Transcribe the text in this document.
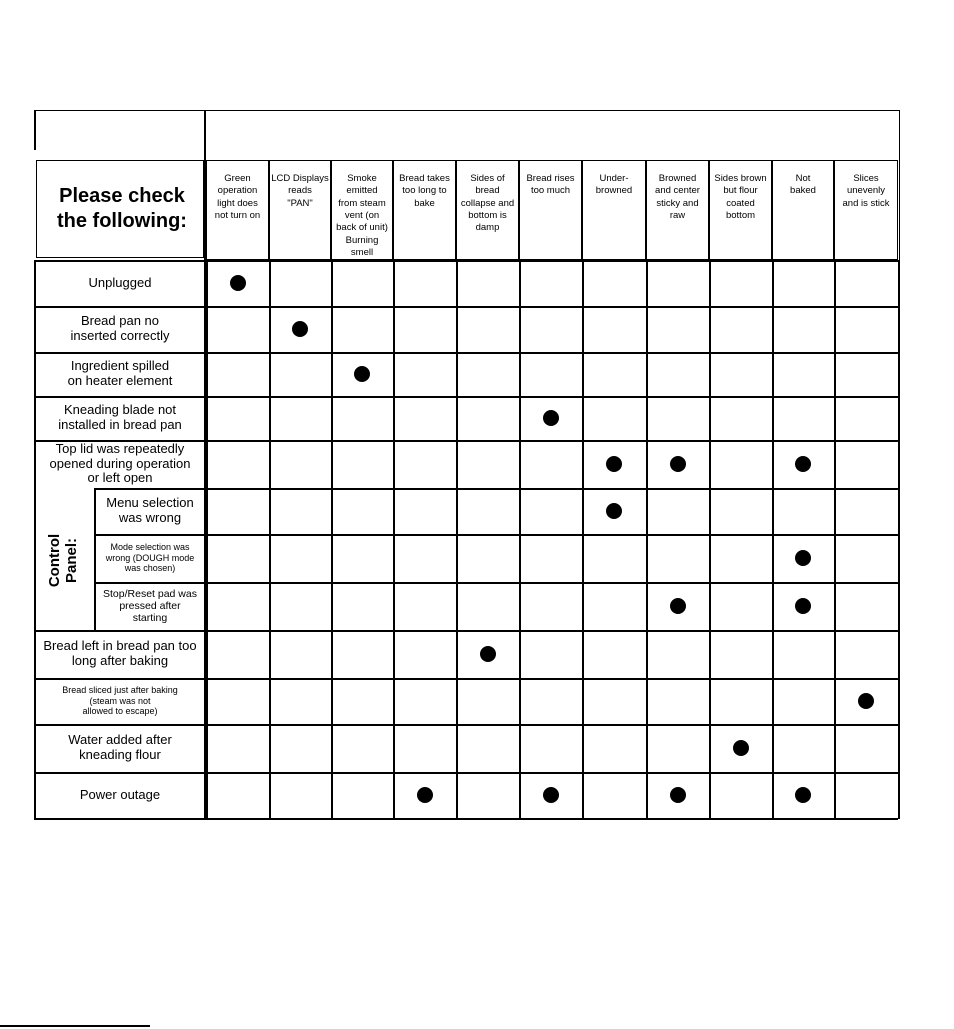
Please check
the following:
Control
Panel:
Green
operation
light does
not turn on
LCD Displays
reads
"PAN"
Smoke
emitted
from steam
vent (on
back of unit)
Burning
smell
Bread takes
too long to
bake
Sides of
bread
collapse and
bottom is
damp
Bread rises
too much
Under-
browned
Browned
and center
sticky and
raw
Sides brown
but flour
coated
bottom
Not
baked
Slices
unevenly
and is stick
Unplugged
Bread pan no
inserted correctly
Ingredient spilled
on heater element
Kneading blade not
installed in bread pan
Top lid was repeatedly
opened during operation
or left open
Menu selection
was wrong
Mode selection was
wrong (DOUGH mode
was chosen)
Stop/Reset pad was
pressed after
starting
Bread left in bread pan too
long after baking
Bread sliced just after baking
(steam was not
allowed to escape)
Water added after
kneading flour
Power outage
